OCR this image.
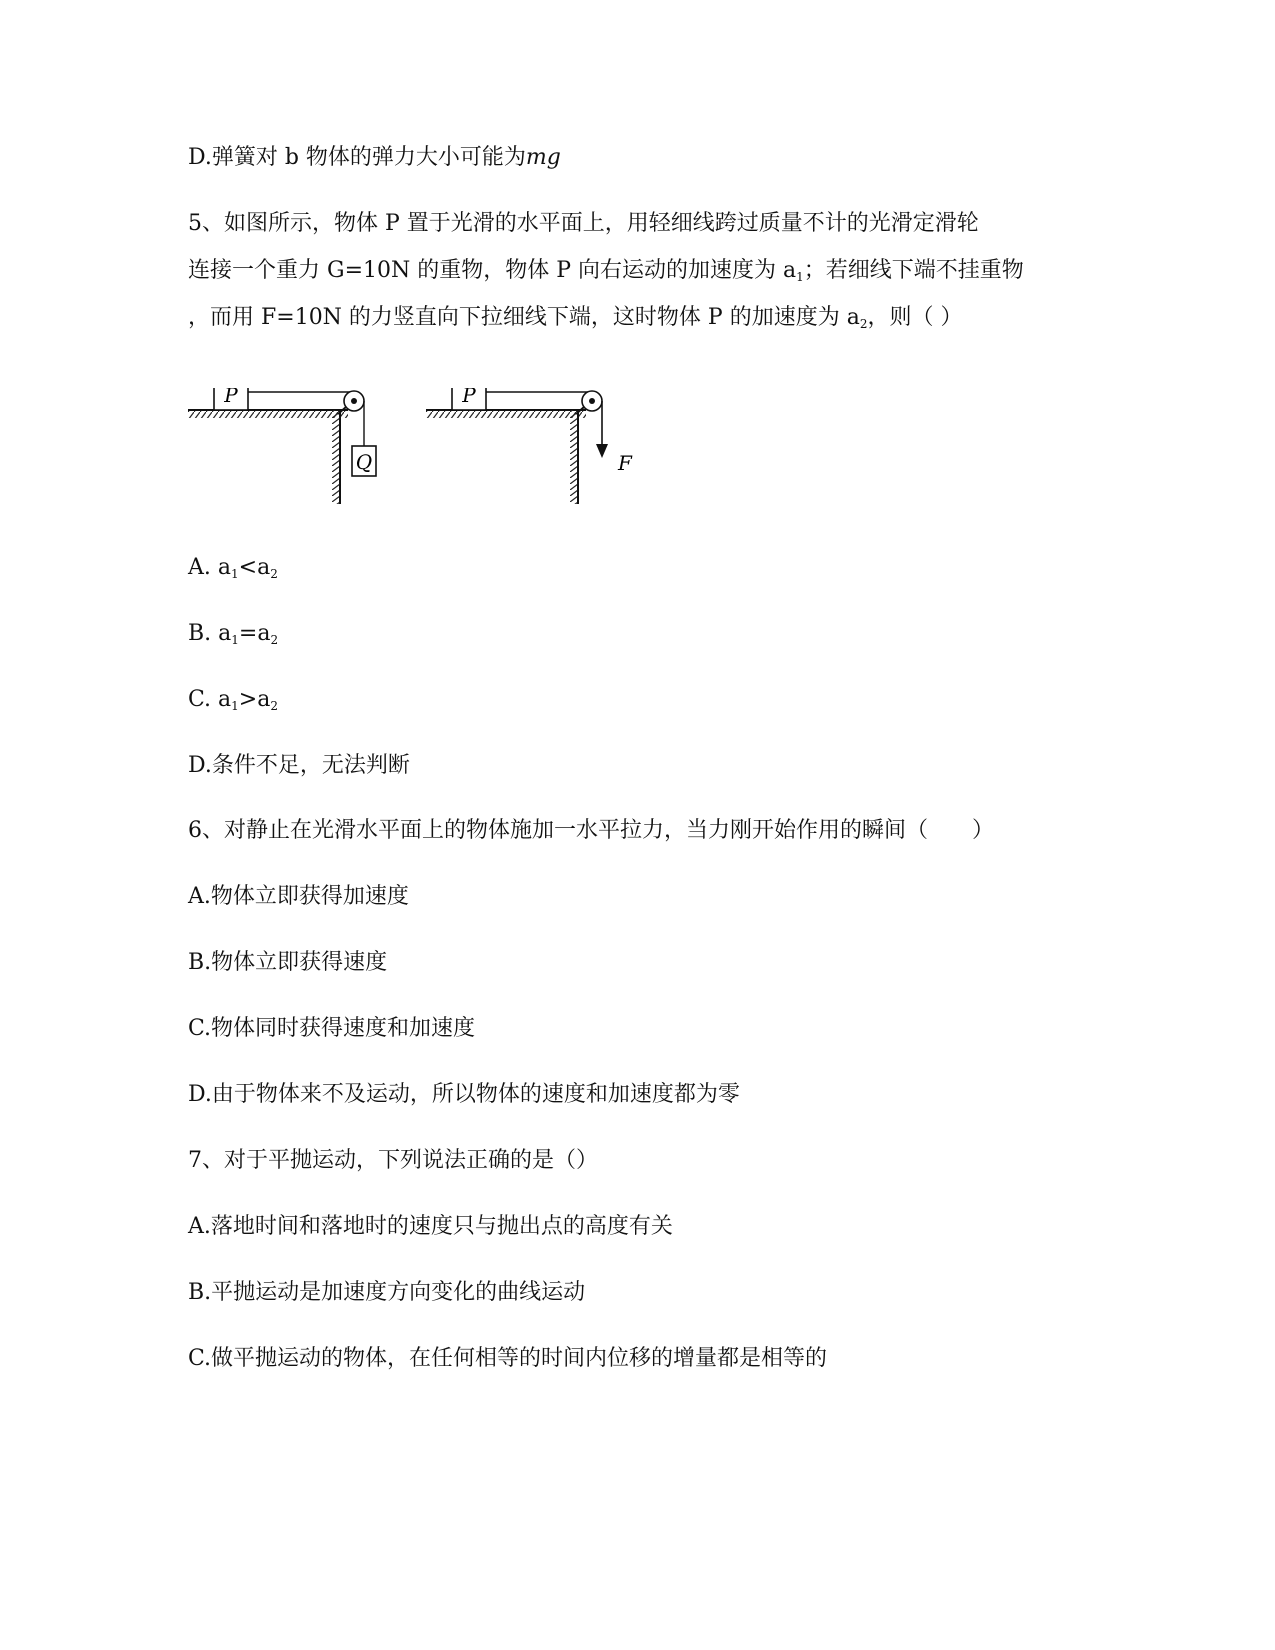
D.弹簧对 b 物体的弹力大小可能为mg
5、如图所示，物体 P 置于光滑的水平面上，用轻细线跨过质量不计的光滑定滑轮
连接一个重力 G=10N 的重物，物体 P 向右运动的加速度为 $a_1$；若细线下端不挂重物
，而用 F=10N 的力竖直向下拉细线下端，这时物体 P 的加速度为 $a_2$，则（ ）
P
Q
P
F
A. $a_1<a_2$
B. $a_1=a_2$
C. $a_1>a_2$
D.条件不足，无法判断
6、对静止在光滑水平面上的物体施加一水平拉力，当力刚开始作用的瞬间（　　）
A.物体立即获得加速度
B.物体立即获得速度
C.物体同时获得速度和加速度
D.由于物体来不及运动，所以物体的速度和加速度都为零
7、对于平抛运动，下列说法正确的是（）
A.落地时间和落地时的速度只与抛出点的高度有关
B.平抛运动是加速度方向变化的曲线运动
C.做平抛运动的物体，在任何相等的时间内位移的增量都是相等的
